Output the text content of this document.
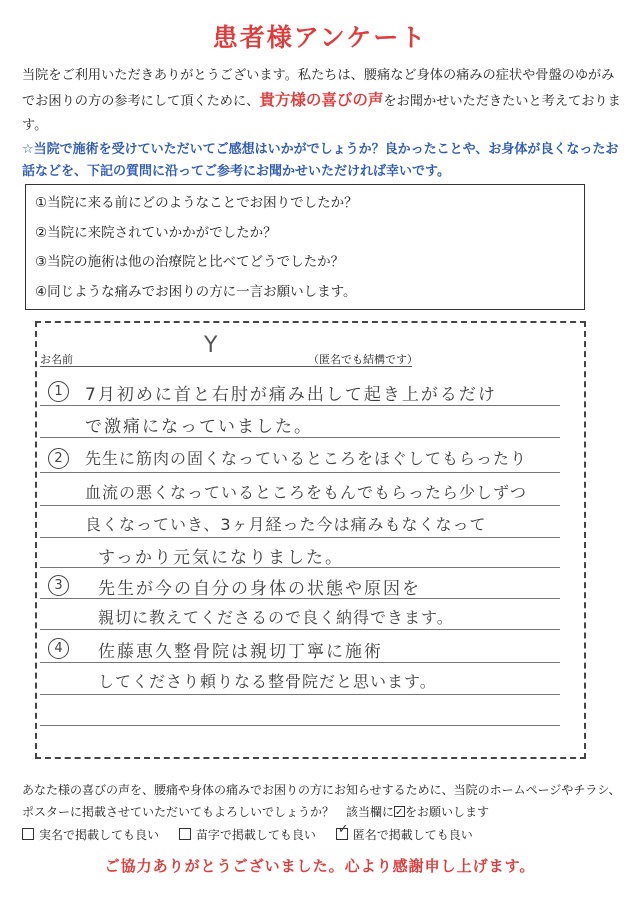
患者様アンケート
当院をご利用いただきありがとうございます。私たちは、腰痛など身体の痛みの症状や骨盤のゆがみでお困りの方の参考にして頂くために、貴方様の喜びの声をお聞かせいただきたいと考えております。
☆当院で施術を受けていただいてご感想はいかがでしょうか？良かったことや、お身体が良くなったお話などを、下記の質問に沿ってご参考にお聞かせいただければ幸いです。
①当院に来る前にどのようなことでお困りでしたか？
②当院に来院されていかかがでしたか？
③当院の施術は他の治療院と比べてどうでしたか？
④同じような痛みでお困りの方に一言お願いします。
お名前
Y
（匿名でも結構です）
1	7月初めに首と右肘が痛み出して起き上がるだけ
で激痛になっていました。
2	先生に筋肉の固くなっているところをほぐしてもらったり
血流の悪くなっているところをもんでもらったら少しずつ
良くなっていき、3ヶ月経った今は痛みもなくなって
すっかり元気になりました。
3	先生が今の自分の身体の状態や原因を
親切に教えてくださるので良く納得できます。
4	佐藤恵久整骨院は親切丁寧に施術
してくださり頼りなる整骨院だと思います。
あなた様の喜びの声を、腰痛や身体の痛みでお困りの方にお知らせするために、当院のホームページやチラシ、ポスターに掲載させていただいてもよろしいでしょうか？　該当欄に ✓ をお願いします
実名で掲載しても良い	苗字で掲載しても良い ✓	匿名で掲載しても良い
ご協力ありがとうございました。心より感謝申し上げます。
